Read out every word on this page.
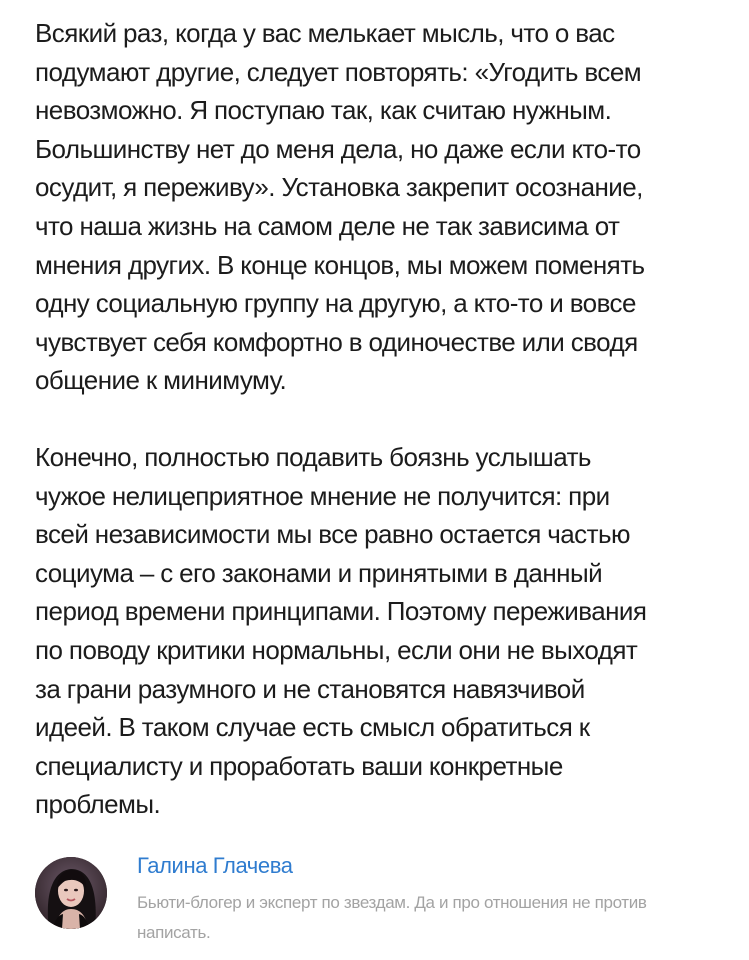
Всякий раз, когда у вас мелькает мысль, что о вас
подумают другие, следует повторять: «Угодить всем
невозможно. Я поступаю так, как считаю нужным.
Большинству нет до меня дела, но даже если кто-то
осудит, я переживу». Установка закрепит осознание,
что наша жизнь на самом деле не так зависима от
мнения других. В конце концов, мы можем поменять
одну социальную группу на другую, а кто-то и вовсе
чувствует себя комфортно в одиночестве или сводя
общение к минимуму.

Конечно, полностью подавить боязнь услышать
чужое нелицеприятное мнение не получится: при
всей независимости мы все равно остается частью
социума – с его законами и принятыми в данный
период времени принципами. Поэтому переживания
по поводу критики нормальны, если они не выходят
за грани разумного и не становятся навязчивой
идеей. В таком случае есть смысл обратиться к
специалисту и проработать ваши конкретные
проблемы.

Галина Глачева
Бьюти-блогер и эксперт по звездам. Да и про отношения не против написать.
